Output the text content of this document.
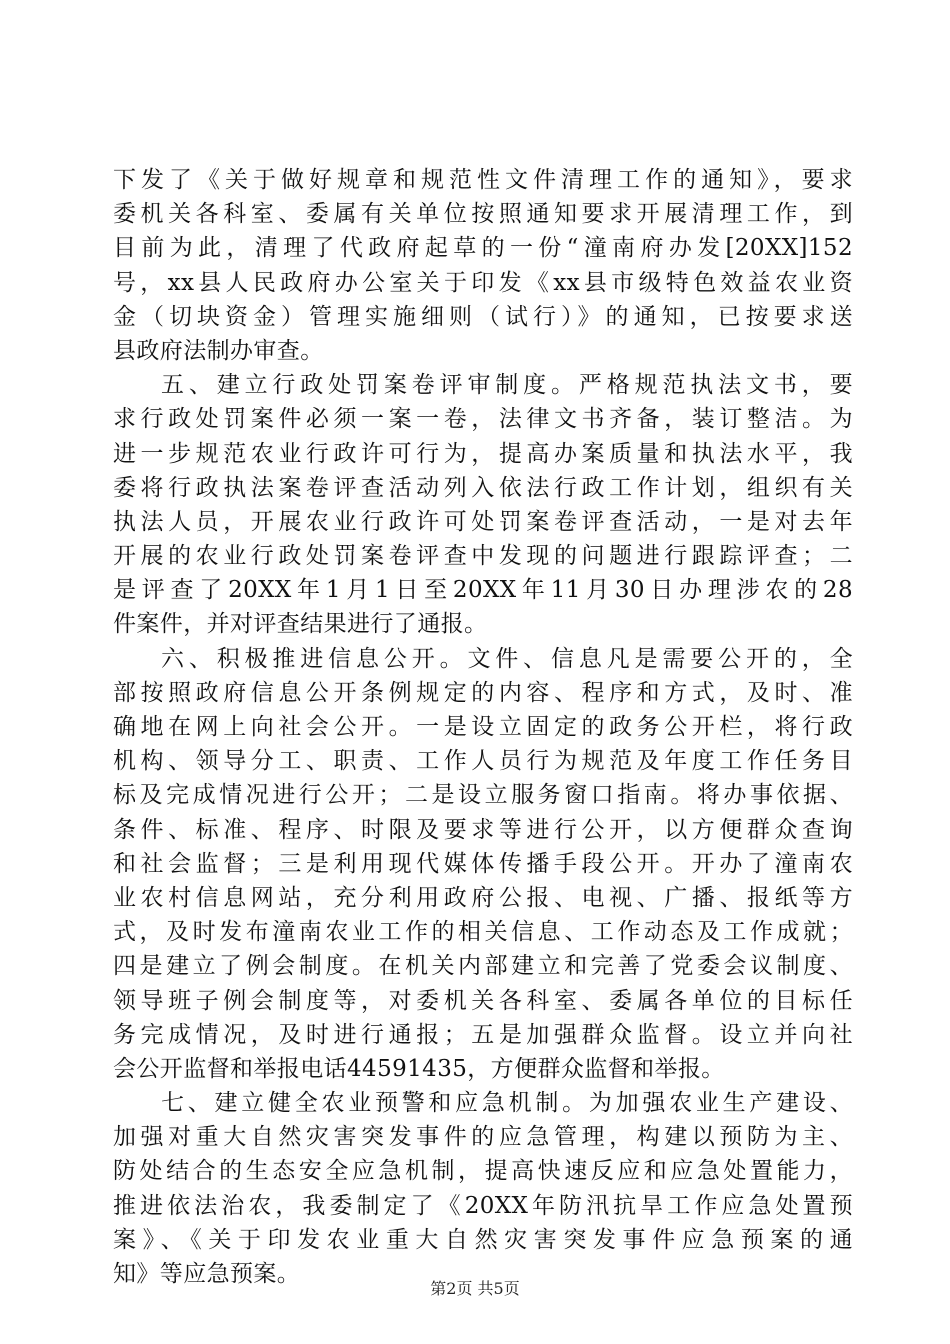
下发了《关于做好规章和规范性文件清理工作的通知》，要求
委机关各科室、委属有关单位按照通知要求开展清理工作，到
目前为此，清理了代政府起草的一份“潼南府办发[20XX]152
号，xx县人民政府办公室关于印发《xx县市级特色效益农业资
金（切块资金）管理实施细则（试行）》的通知，已按要求送
县政府法制办审查。
五、建立行政处罚案卷评审制度。严格规范执法文书，要
求行政处罚案件必须一案一卷，法律文书齐备，装订整洁。为
进一步规范农业行政许可行为，提高办案质量和执法水平，我
委将行政执法案卷评查活动列入依法行政工作计划，组织有关
执法人员，开展农业行政许可处罚案卷评查活动，一是对去年
开展的农业行政处罚案卷评查中发现的问题进行跟踪评查；二
是评查了20XX年1月1日至20XX年11月30日办理涉农的28
件案件，并对评查结果进行了通报。
六、积极推进信息公开。文件、信息凡是需要公开的，全
部按照政府信息公开条例规定的内容、程序和方式，及时、准
确地在网上向社会公开。一是设立固定的政务公开栏，将行政
机构、领导分工、职责、工作人员行为规范及年度工作任务目
标及完成情况进行公开；二是设立服务窗口指南。将办事依据、
条件、标准、程序、时限及要求等进行公开，以方便群众查询
和社会监督；三是利用现代媒体传播手段公开。开办了潼南农
业农村信息网站，充分利用政府公报、电视、广播、报纸等方
式，及时发布潼南农业工作的相关信息、工作动态及工作成就；
四是建立了例会制度。在机关内部建立和完善了党委会议制度、
领导班子例会制度等，对委机关各科室、委属各单位的目标任
务完成情况，及时进行通报；五是加强群众监督。设立并向社
会公开监督和举报电话44591435，方便群众监督和举报。
七、建立健全农业预警和应急机制。为加强农业生产建设、
加强对重大自然灾害突发事件的应急管理，构建以预防为主、
防处结合的生态安全应急机制，提高快速反应和应急处置能力，
推进依法治农，我委制定了《20XX年防汛抗旱工作应急处置预
案》、《关于印发农业重大自然灾害突发事件应急预案的通
知》等应急预案。
第2页 共5页
